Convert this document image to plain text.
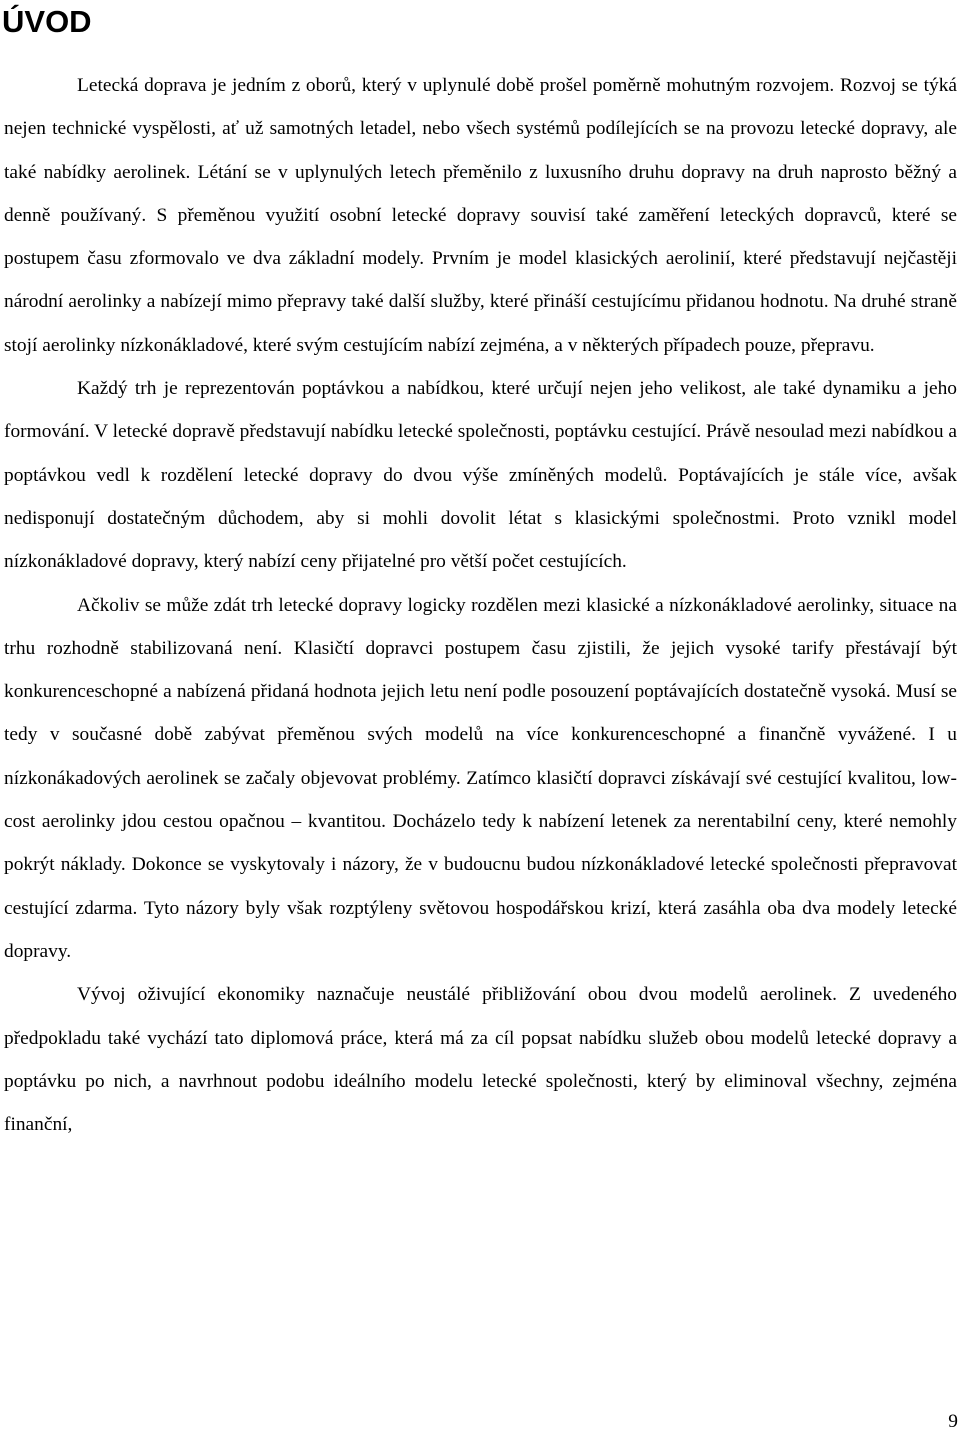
ÚVOD

Letecká doprava je jedním z oborů, který v uplynulé době prošel poměrně mohutným rozvojem. Rozvoj se týká nejen technické vyspělosti, ať už samotných letadel, nebo všech systémů podílejících se na provozu letecké dopravy, ale také nabídky aerolinek. Létání se v uplynulých letech přeměnilo z luxusního druhu dopravy na druh naprosto běžný a denně používaný. S přeměnou využití osobní letecké dopravy souvisí také zaměření leteckých dopravců, které se postupem času zformovalo ve dva základní modely. Prvním je model klasických aerolinií, které představují nejčastěji národní aerolinky a nabízejí mimo přepravy také další služby, které přináší cestujícímu přidanou hodnotu. Na druhé straně stojí aerolinky nízkonákladové, které svým cestujícím nabízí zejména, a v některých případech pouze, přepravu.

Každý trh je reprezentován poptávkou a nabídkou, které určují nejen jeho velikost, ale také dynamiku a jeho formování. V letecké dopravě představují nabídku letecké společnosti, poptávku cestující. Právě nesoulad mezi nabídkou a poptávkou vedl k rozdělení letecké dopravy do dvou výše zmíněných modelů. Poptávajících je stále více, avšak nedisponují dostatečným důchodem, aby si mohli dovolit létat s klasickými společnostmi. Proto vznikl model nízkonákladové dopravy, který nabízí ceny přijatelné pro větší počet cestujících.

Ačkoliv se může zdát trh letecké dopravy logicky rozdělen mezi klasické a nízkonákladové aerolinky, situace na trhu rozhodně stabilizovaná není. Klasičtí dopravci postupem času zjistili, že jejich vysoké tarify přestávají být konkurenceschopné a nabízená přidaná hodnota jejich letu není podle posouzení poptávajících dostatečně vysoká. Musí se tedy v současné době zabývat přeměnou svých modelů na více konkurenceschopné a finančně vyvážené. I u nízkonákadových aerolinek se začaly objevovat problémy. Zatímco klasičtí dopravci získávají své cestující kvalitou, low-cost aerolinky jdou cestou opačnou – kvantitou. Docházelo tedy k nabízení letenek za nerentabilní ceny, které nemohly pokrýt náklady. Dokonce se vyskytovaly i názory, že v budoucnu budou nízkonákladové letecké společnosti přepravovat cestující zdarma. Tyto názory byly však rozptýleny světovou hospodářskou krizí, která zasáhla oba dva modely letecké dopravy.

Vývoj oživující ekonomiky naznačuje neustálé přibližování obou dvou modelů aerolinek. Z uvedeného předpokladu také vychází tato diplomová práce, která má za cíl popsat nabídku služeb obou modelů letecké dopravy a poptávku po nich, a navrhnout podobu ideálního modelu letecké společnosti, který by eliminoval všechny, zejména finanční,

9
